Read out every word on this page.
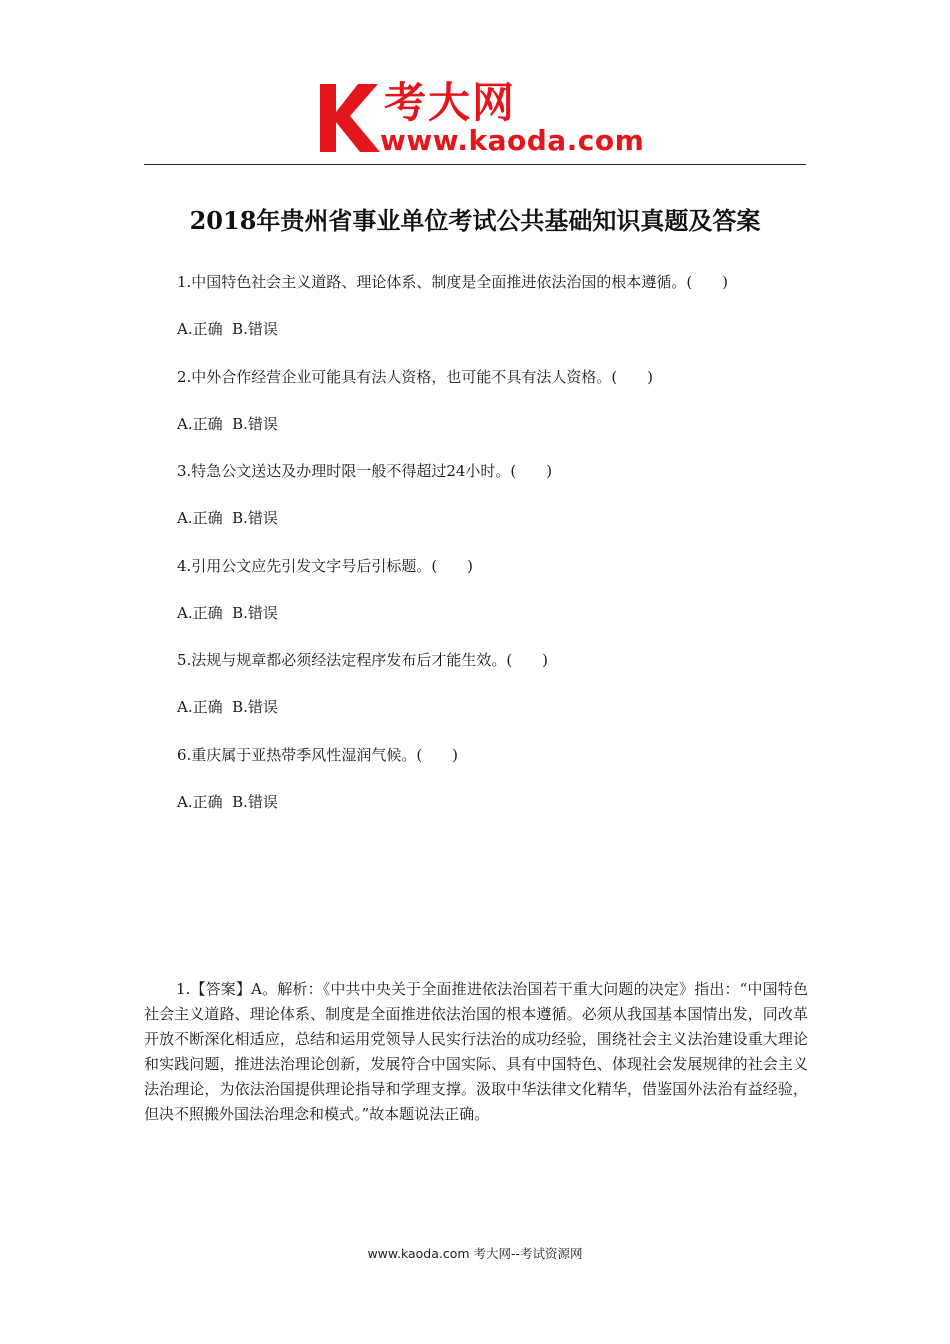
考大网
www.kaoda.com
2018年贵州省事业单位考试公共基础知识真题及答案
1.中国特色社会主义道路、理论体系、制度是全面推进依法治国的根本遵循。(　　)
A.正确  B.错误
2.中外合作经营企业可能具有法人资格，也可能不具有法人资格。(　　)
A.正确  B.错误
3.特急公文送达及办理时限一般不得超过24小时。(　　)
A.正确  B.错误
4.引用公文应先引发文字号后引标题。(　　)
A.正确  B.错误
5.法规与规章都必须经法定程序发布后才能生效。(　　)
A.正确  B.错误
6.重庆属于亚热带季风性湿润气候。(　　)
A.正确  B.错误
1.【答案】A。解析：《中共中央关于全面推进依法治国若干重大问题的决定》指出：“中国特色社会主义道路、理论体系、制度是全面推进依法治国的根本遵循。必须从我国基本国情出发，同改革开放不断深化相适应，总结和运用党领导人民实行法治的成功经验，围绕社会主义法治建设重大理论和实践问题，推进法治理论创新，发展符合中国实际、具有中国特色、体现社会发展规律的社会主义法治理论，为依法治国提供理论指导和学理支撑。汲取中华法律文化精华，借鉴国外法治有益经验，但决不照搬外国法治理念和模式。”故本题说法正确。
www.kaoda.com 考大网--考试资源网
